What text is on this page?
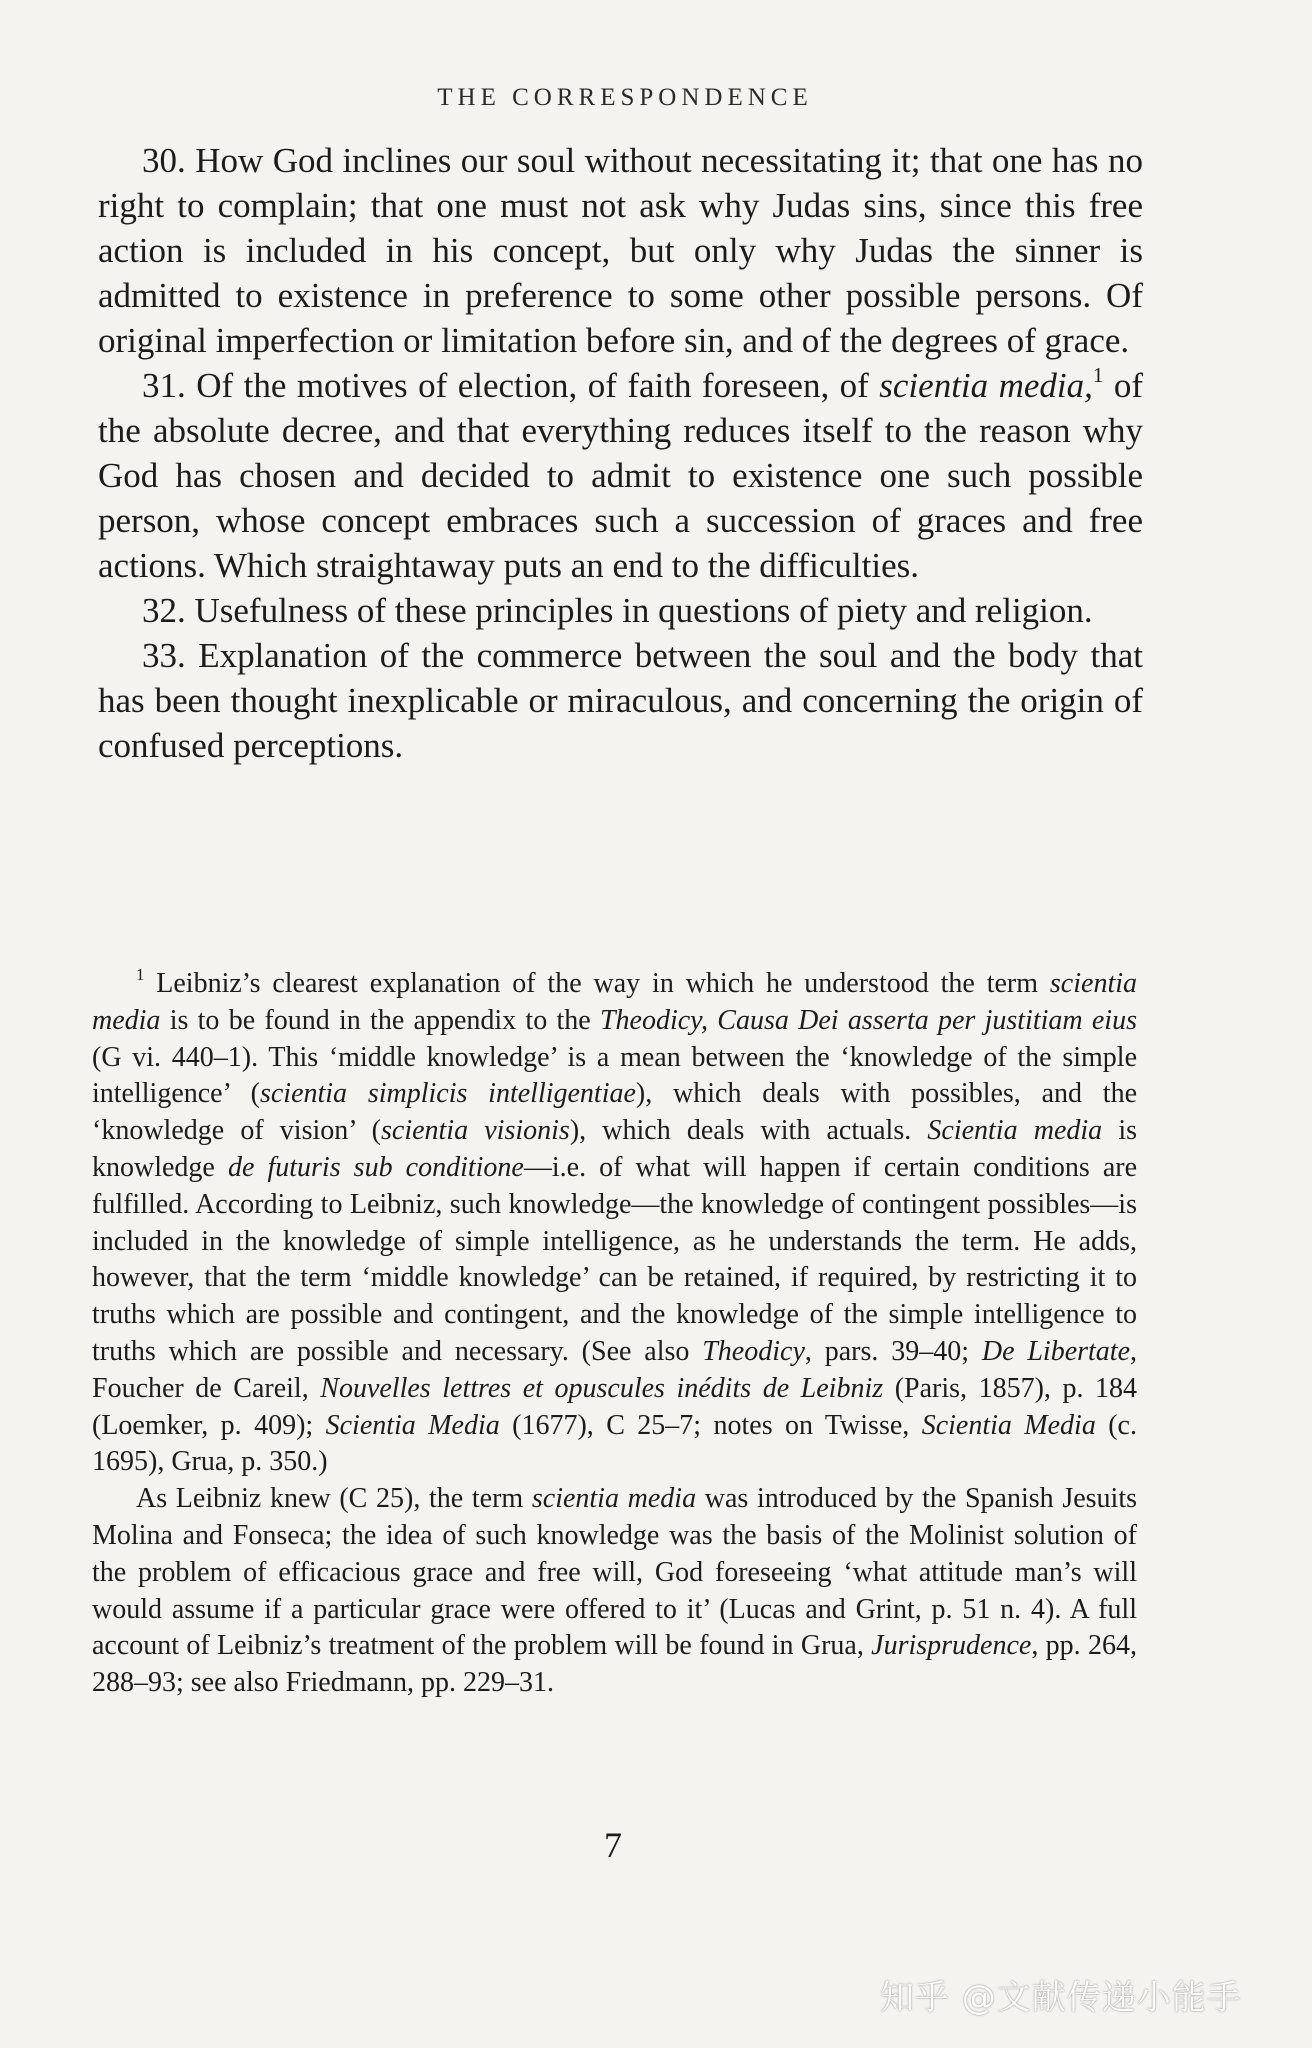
THE CORRESPONDENCE

30. How God inclines our soul without necessitating it; that one has no right to complain; that one must not ask why Judas sins, since this free action is included in his concept, but only why Judas the sinner is admitted to existence in preference to some other possible persons. Of original imperfection or limitation before sin, and of the degrees of grace.

31. Of the motives of election, of faith foreseen, of scientia media,$^1$ of the absolute decree, and that everything reduces itself to the reason why God has chosen and decided to admit to existence one such possible person, whose concept embraces such a succession of graces and free actions. Which straightaway puts an end to the difficulties.

32. Usefulness of these principles in questions of piety and religion.

33. Explanation of the commerce between the soul and the body that has been thought inexplicable or miraculous, and concerning the origin of confused perceptions.

$^1$ Leibniz’s clearest explanation of the way in which he understood the term scientia media is to be found in the appendix to the Theodicy, Causa Dei asserta per justitiam eius (G vi. 440–1). This ‘middle knowledge’ is a mean between the ‘knowledge of the simple intelligence’ (scientia simplicis intelligentiae), which deals with possibles, and the ‘knowledge of vision’ (scientia visionis), which deals with actuals. Scientia media is knowledge de futuris sub conditione—i.e. of what will happen if certain conditions are fulfilled. According to Leibniz, such knowledge—the knowledge of contingent possibles—is included in the knowledge of simple intelligence, as he understands the term. He adds, however, that the term ‘middle knowledge’ can be retained, if required, by restricting it to truths which are possible and contingent, and the knowledge of the simple intelligence to truths which are possible and necessary. (See also Theodicy, pars. 39–40; De Libertate, Foucher de Careil, Nouvelles lettres et opuscules inédits de Leibniz (Paris, 1857), p. 184 (Loemker, p. 409); Scientia Media (1677), C 25–7; notes on Twisse, Scientia Media (c. 1695), Grua, p. 350.)

As Leibniz knew (C 25), the term scientia media was introduced by the Spanish Jesuits Molina and Fonseca; the idea of such knowledge was the basis of the Molinist solution of the problem of efficacious grace and free will, God foreseeing ‘what attitude man’s will would assume if a particular grace were offered to it’ (Lucas and Grint, p. 51 n. 4). A full account of Leibniz’s treatment of the problem will be found in Grua, Jurisprudence, pp. 264, 288–93; see also Friedmann, pp. 229–31.

7
知乎 @文献传递小能手
